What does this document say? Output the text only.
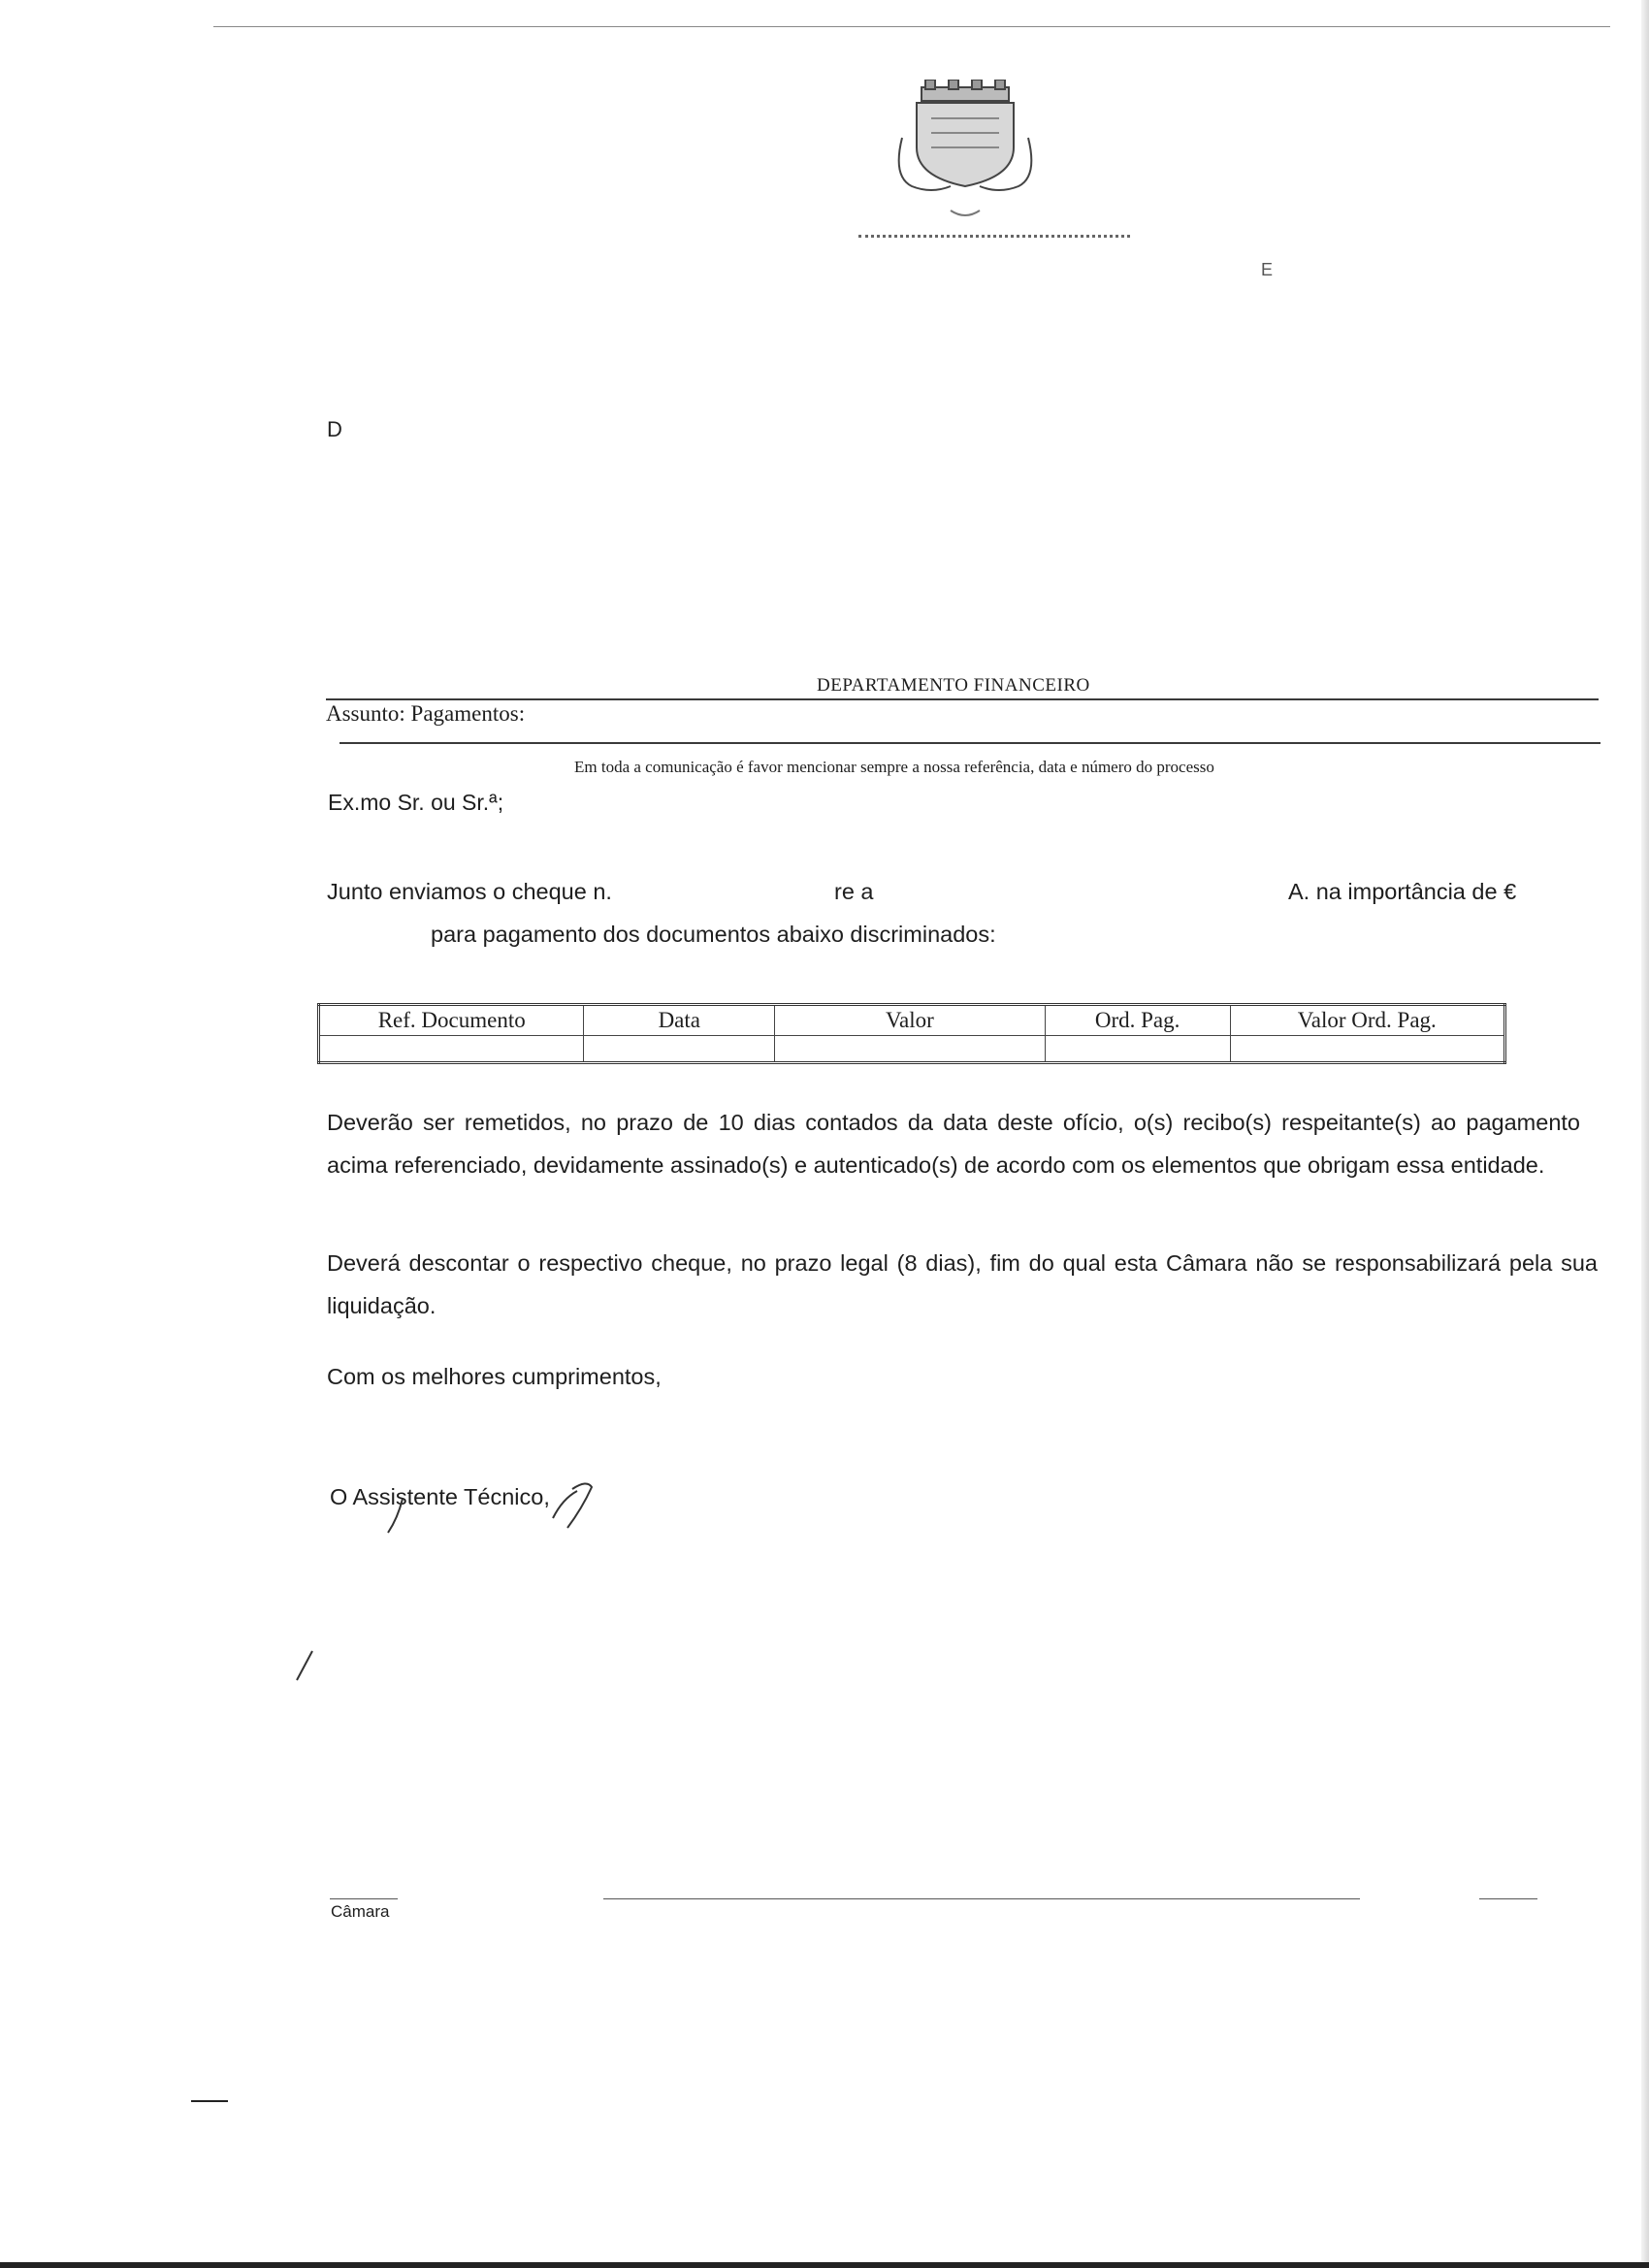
E
D
DEPARTAMENTO FINANCEIRO
Assunto: Pagamentos:
Em toda a comunicação é favor mencionar sempre a nossa referência, data e número do processo
Ex.mo Sr. ou Sr.ª;
Junto enviamos o cheque n.	re a	A. na importância de €
para pagamento dos documentos abaixo discriminados:
Ref. Documento	Data	Valor	Ord. Pag.	Valor Ord. Pag.

Deverão ser remetidos, no prazo de 10 dias contados da data deste ofício, o(s) recibo(s) respeitante(s) ao pagamento acima referenciado, devidamente assinado(s) e autenticado(s) de acordo com os elementos que obrigam essa entidade.
Deverá descontar o respectivo cheque, no prazo legal (8 dias), fim do qual esta Câmara não se responsabilizará pela sua liquidação.
Com os melhores cumprimentos,
O Assistente Técnico,
Câmara
